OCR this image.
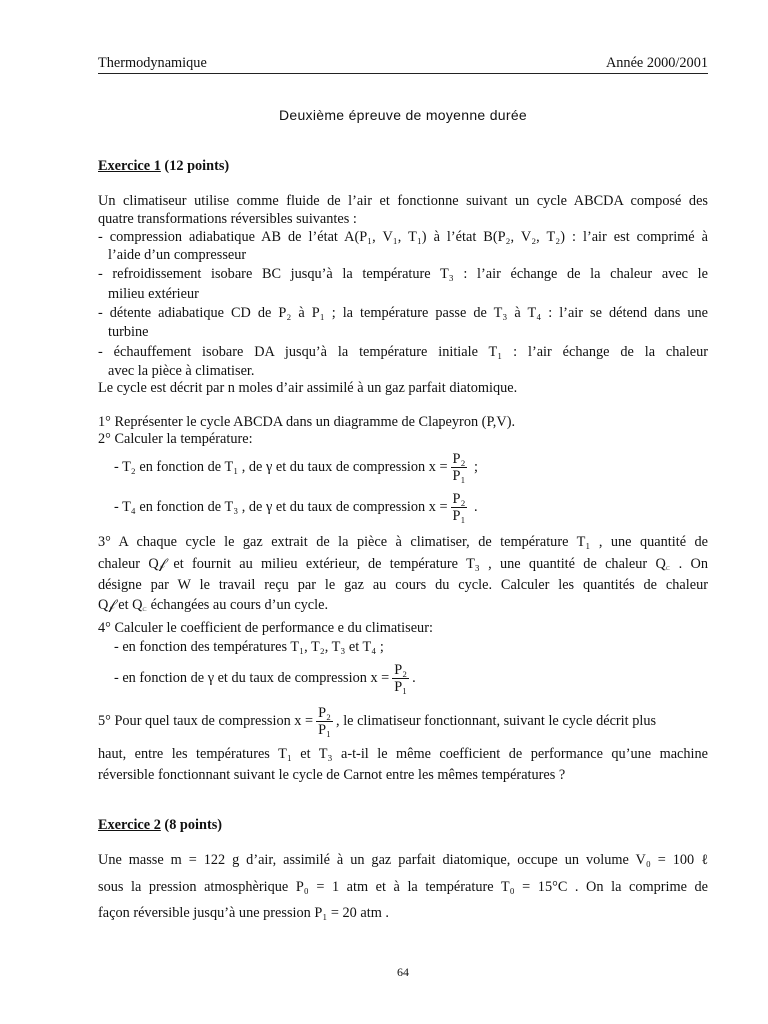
Thermodynamique	Année 2000/2001
Deuxième épreuve de moyenne durée
Exercice 1 (12 points)
Un climatiseur utilise comme fluide de l’air et fonctionne suivant un cycle ABCDA composé des
quatre transformations réversibles suivantes :
- compression adiabatique AB de l’état A(P₁, V₁, T₁) à l’état B(P₂, V₂, T₂) : l’air est comprimé à
l’aide d’un compresseur
- refroidissement isobare BC jusqu’à la température T₃ : l’air échange de la chaleur avec le
milieu extérieur
- détente adiabatique CD de P₂ à P₁ ; la température passe de T₃ à T₄ : l’air se détend dans une
turbine
- échauffement isobare DA jusqu’à la température initiale T₁ : l’air échange de la chaleur
avec la pièce à climatiser.
Le cycle est décrit par n moles d’air assimilé à un gaz parfait diatomique.
1° Représenter le cycle ABCDA dans un diagramme de Clapeyron (P,V).
2° Calculer la température:
- T₂ en fonction de T₁ , de γ et du taux de compression $x = \frac{\text{P₂}}{\text{P₁}}$ ;
- T₄ en fonction de T₃ , de γ et du taux de compression $x = \frac{\text{P₂}}{\text{P₁}}$ .
3° A chaque cycle le gaz extrait de la pièce à climatiser, de température T₁ , une quantité de
chaleur Q𝒻 et fournit au milieu extérieur, de température T₃ , une quantité de chaleur Q꜀ . On
désigne par W le travail reçu par le gaz au cours du cycle. Calculer les quantités de chaleur
Q𝒻 et Q꜀ échangées au cours d’un cycle.
4° Calculer le coefficient de performance e du climatiseur:
- en fonction des températures T₁, T₂, T₃ et T₄ ;
- en fonction de γ et du taux de compression $x = \frac{\text{P₂}}{\text{P₁}}$ .
5° Pour quel taux de compression $x = \frac{\text{P₂}}{\text{P₁}}$ , le climatiseur fonctionnant, suivant le cycle décrit plus
haut, entre les températures T₁ et T₃ a-t-il le même coefficient de performance qu’une machine
réversible fonctionnant suivant le cycle de Carnot entre les mêmes températures ?
Exercice 2 (8 points)
Une masse m = 122 g d’air, assimilé à un gaz parfait diatomique, occupe un volume V₀ = 100 ℓ
sous la pression atmosphèrique P₀ = 1 atm et à la température T₀ = 15°C . On la comprime de
façon réversible jusqu’à une pression P₁ = 20 atm .
64
